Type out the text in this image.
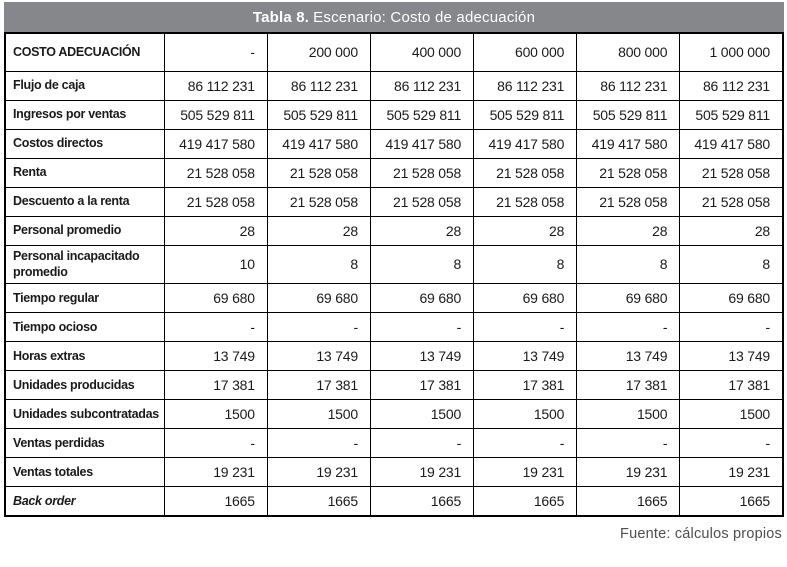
Tabla 8. Escenario: Costo de adecuación
COSTO ADECUACIÓN	-	200 000	400 000	600 000	800 000	1 000 000
Flujo de caja	86 112 231	86 112 231	86 112 231	86 112 231	86 112 231	86 112 231
Ingresos por ventas	505 529 811	505 529 811	505 529 811	505 529 811	505 529 811	505 529 811
Costos directos	419 417 580	419 417 580	419 417 580	419 417 580	419 417 580	419 417 580
Renta	21 528 058	21 528 058	21 528 058	21 528 058	21 528 058	21 528 058
Descuento a la renta	21 528 058	21 528 058	21 528 058	21 528 058	21 528 058	21 528 058
Personal promedio	28	28	28	28	28	28
Personal incapacitado promedio	10	8	8	8	8	8
Tiempo regular	69 680	69 680	69 680	69 680	69 680	69 680
Tiempo ocioso	-	-	-	-	-	-
Horas extras	13 749	13 749	13 749	13 749	13 749	13 749
Unidades producidas	17 381	17 381	17 381	17 381	17 381	17 381
Unidades subcontratadas	1500	1500	1500	1500	1500	1500
Ventas perdidas	-	-	-	-	-	-
Ventas totales	19 231	19 231	19 231	19 231	19 231	19 231
Back order	1665	1665	1665	1665	1665	1665
Fuente: cálculos propios
